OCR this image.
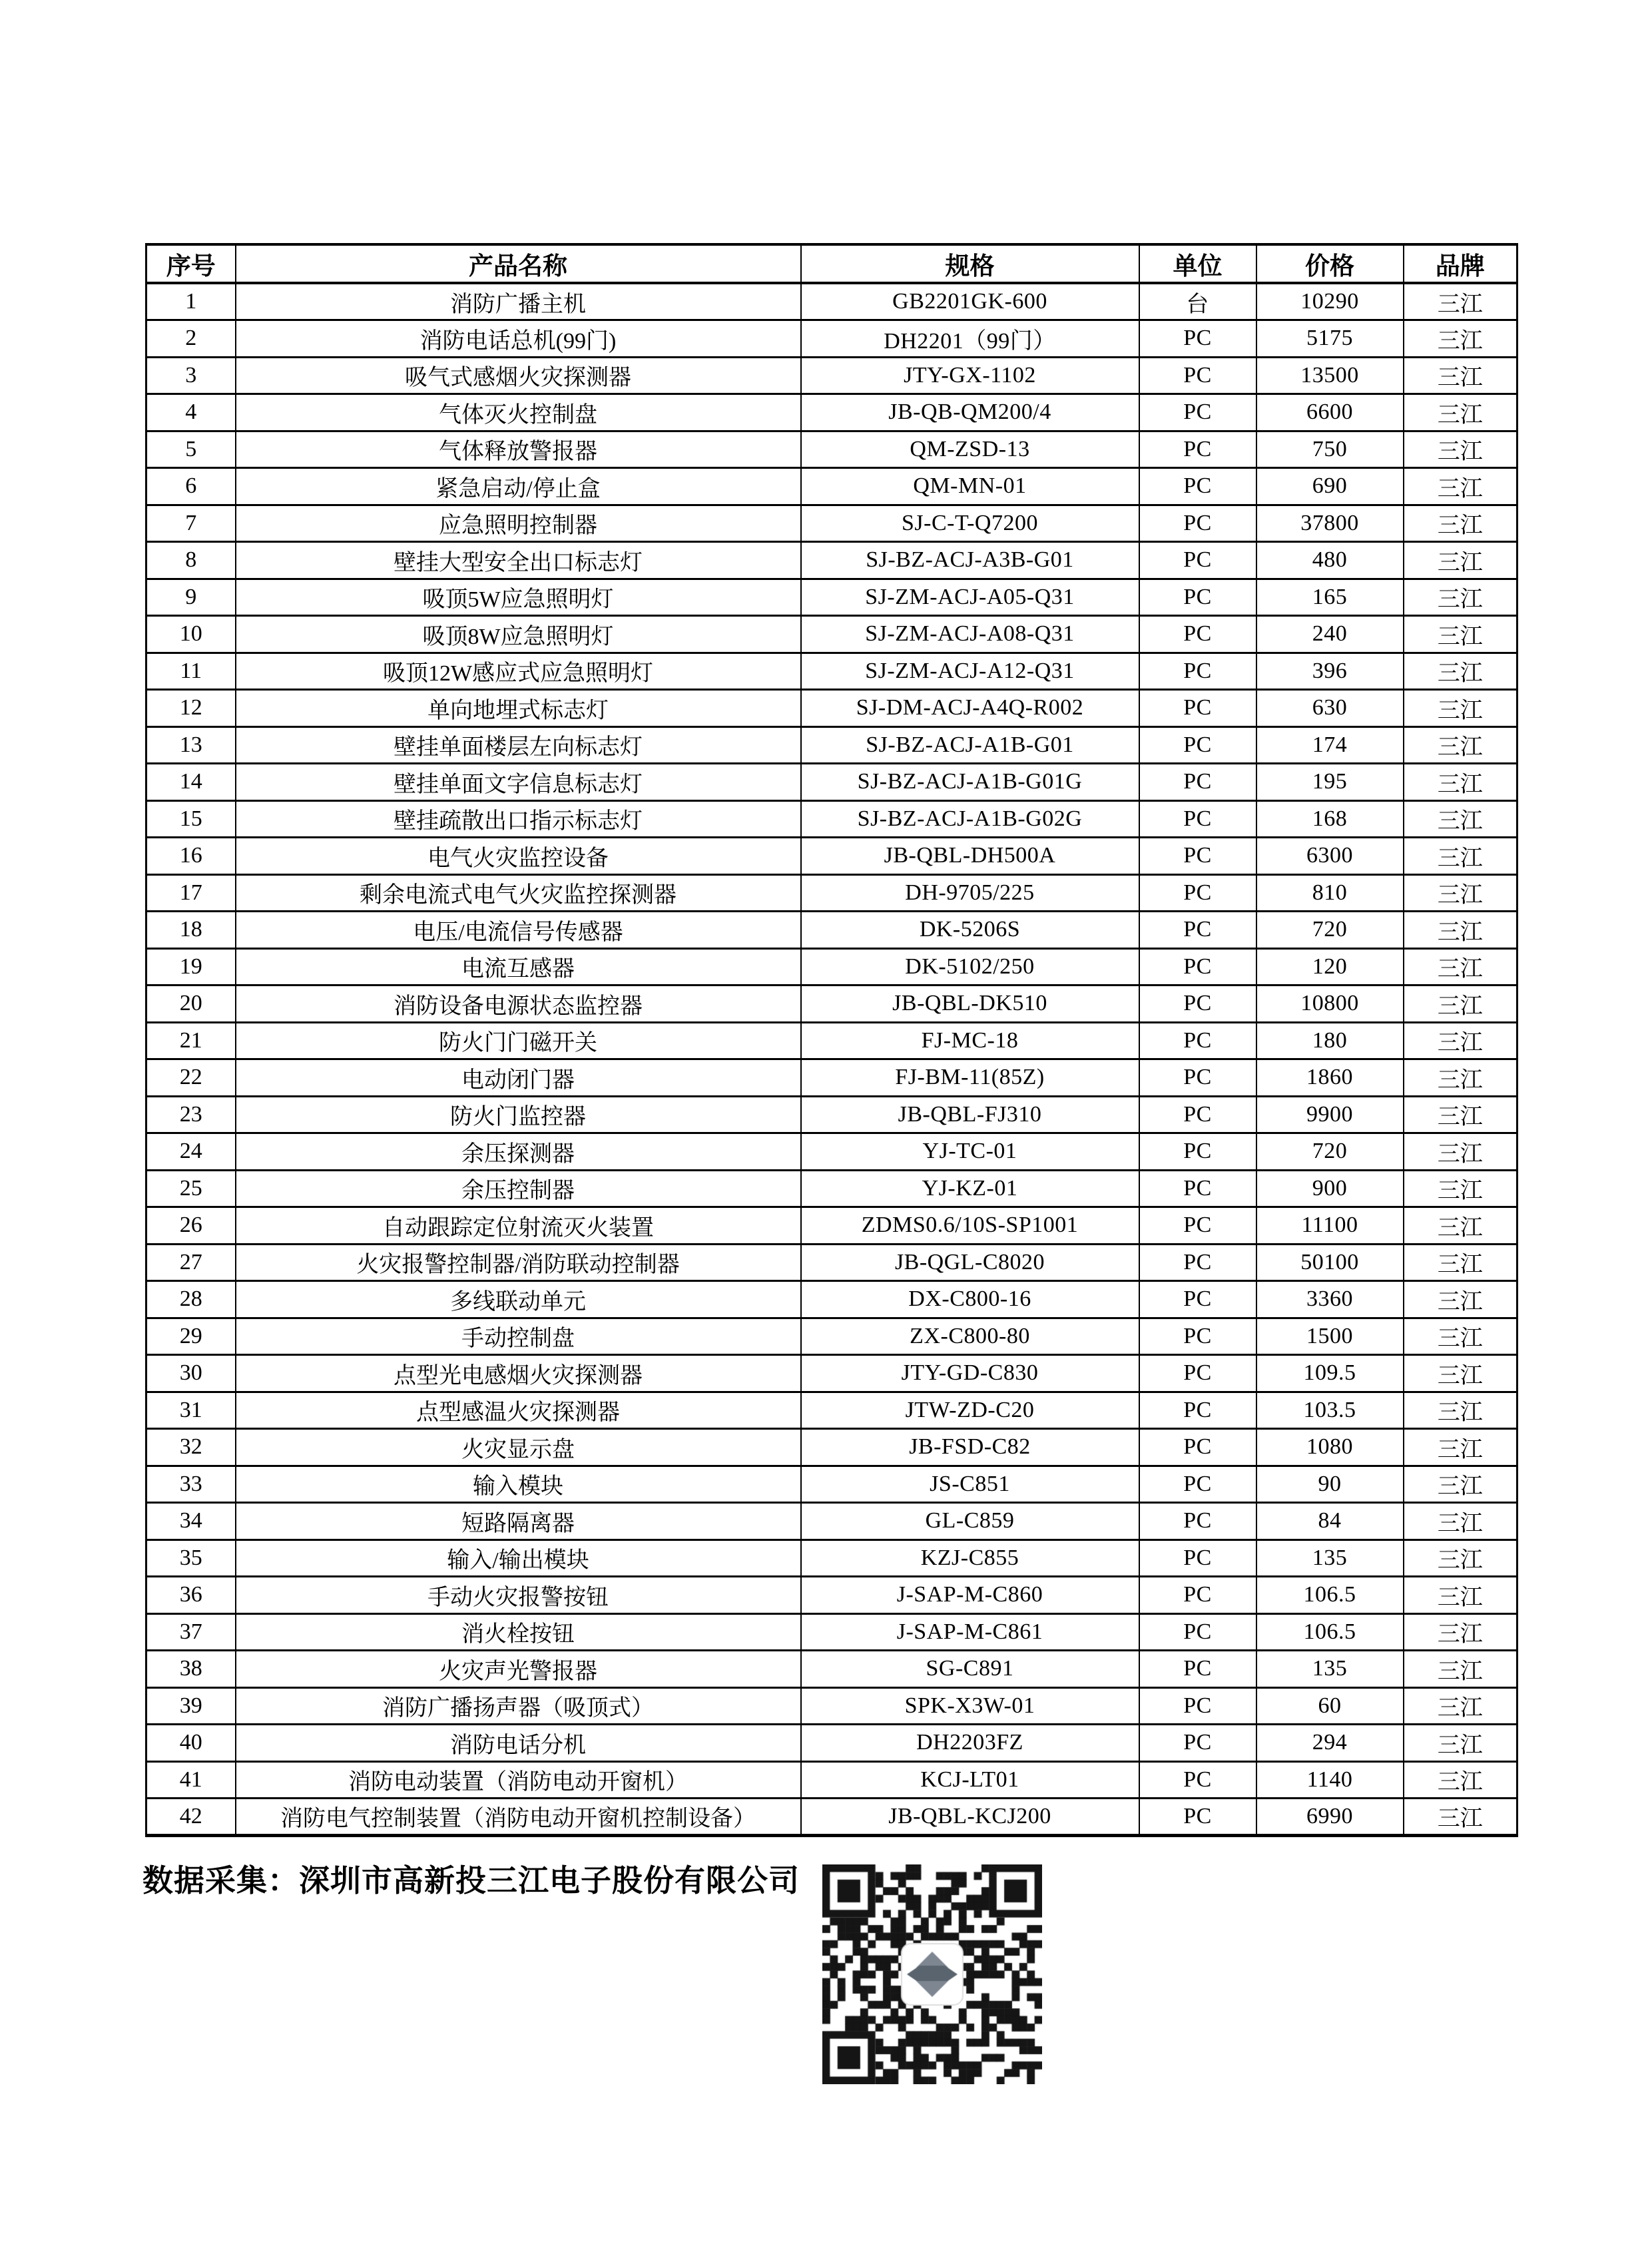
序号	产品名称	规格	单位	价格	品牌
1	消防广播主机	GB2201GK-600	台	10290	三江
2	消防电话总机(99门)	DH2201（99门）	PC	5175	三江
3	吸气式感烟火灾探测器	JTY-GX-1102	PC	13500	三江
4	气体灭火控制盘	JB-QB-QM200/4	PC	6600	三江
5	气体释放警报器	QM-ZSD-13	PC	750	三江
6	紧急启动/停止盒	QM-MN-01	PC	690	三江
7	应急照明控制器	SJ-C-T-Q7200	PC	37800	三江
8	壁挂大型安全出口标志灯	SJ-BZ-ACJ-A3B-G01	PC	480	三江
9	吸顶5W应急照明灯	SJ-ZM-ACJ-A05-Q31	PC	165	三江
10	吸顶8W应急照明灯	SJ-ZM-ACJ-A08-Q31	PC	240	三江
11	吸顶12W感应式应急照明灯	SJ-ZM-ACJ-A12-Q31	PC	396	三江
12	单向地埋式标志灯	SJ-DM-ACJ-A4Q-R002	PC	630	三江
13	壁挂单面楼层左向标志灯	SJ-BZ-ACJ-A1B-G01	PC	174	三江
14	壁挂单面文字信息标志灯	SJ-BZ-ACJ-A1B-G01G	PC	195	三江
15	壁挂疏散出口指示标志灯	SJ-BZ-ACJ-A1B-G02G	PC	168	三江
16	电气火灾监控设备	JB-QBL-DH500A	PC	6300	三江
17	剩余电流式电气火灾监控探测器	DH-9705/225	PC	810	三江
18	电压/电流信号传感器	DK-5206S	PC	720	三江
19	电流互感器	DK-5102/250	PC	120	三江
20	消防设备电源状态监控器	JB-QBL-DK510	PC	10800	三江
21	防火门门磁开关	FJ-MC-18	PC	180	三江
22	电动闭门器	FJ-BM-11(85Z)	PC	1860	三江
23	防火门监控器	JB-QBL-FJ310	PC	9900	三江
24	余压探测器	YJ-TC-01	PC	720	三江
25	余压控制器	YJ-KZ-01	PC	900	三江
26	自动跟踪定位射流灭火装置	ZDMS0.6/10S-SP1001	PC	11100	三江
27	火灾报警控制器/消防联动控制器	JB-QGL-C8020	PC	50100	三江
28	多线联动单元	DX-C800-16	PC	3360	三江
29	手动控制盘	ZX-C800-80	PC	1500	三江
30	点型光电感烟火灾探测器	JTY-GD-C830	PC	109.5	三江
31	点型感温火灾探测器	JTW-ZD-C20	PC	103.5	三江
32	火灾显示盘	JB-FSD-C82	PC	1080	三江
33	输入模块	JS-C851	PC	90	三江
34	短路隔离器	GL-C859	PC	84	三江
35	输入/输出模块	KZJ-C855	PC	135	三江
36	手动火灾报警按钮	J-SAP-M-C860	PC	106.5	三江
37	消火栓按钮	J-SAP-M-C861	PC	106.5	三江
38	火灾声光警报器	SG-C891	PC	135	三江
39	消防广播扬声器（吸顶式）	SPK-X3W-01	PC	60	三江
40	消防电话分机	DH2203FZ	PC	294	三江
41	消防电动装置（消防电动开窗机）	KCJ-LT01	PC	1140	三江
42	消防电气控制装置（消防电动开窗机控制设备）	JB-QBL-KCJ200	PC	6990	三江
数据采集：深圳市高新投三江电子股份有限公司
